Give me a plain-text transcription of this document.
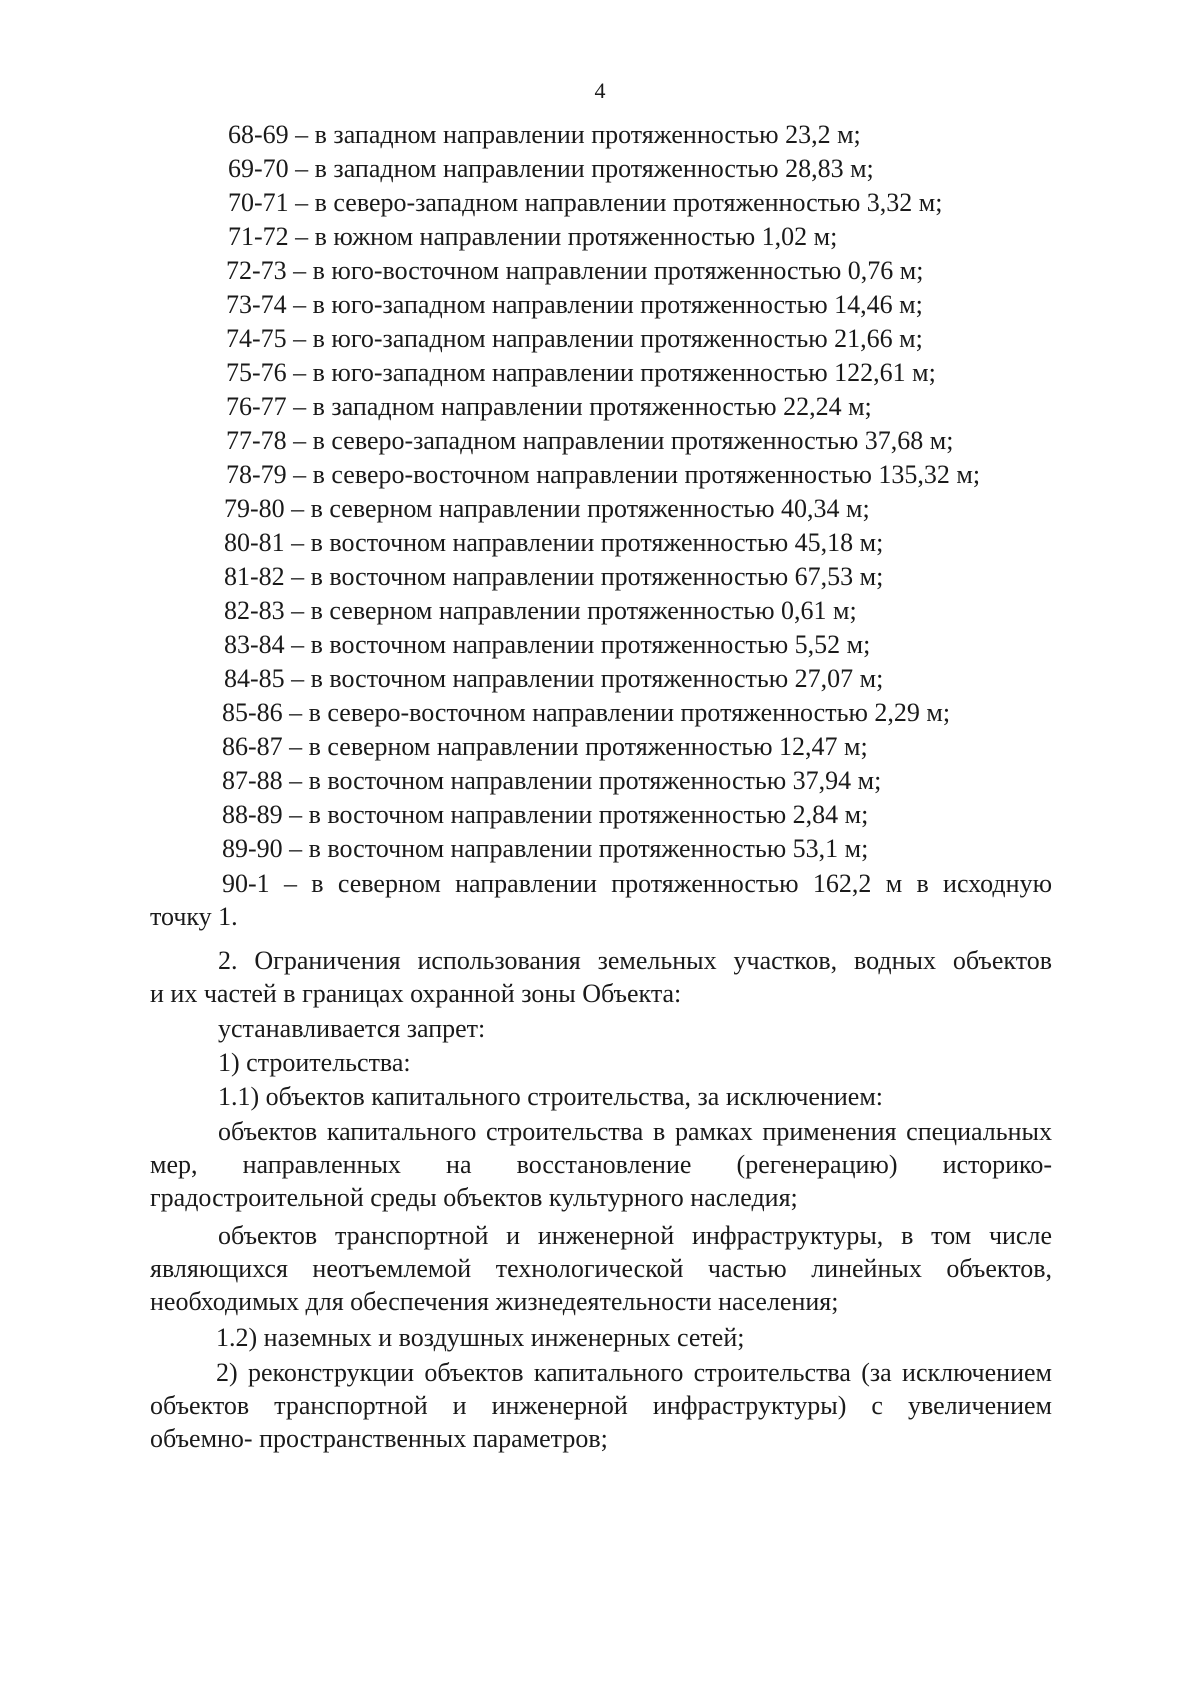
4
68-69 – в западном направлении протяженностью 23,2 м;
69-70 – в западном направлении протяженностью 28,83 м;
70-71 – в северо-западном направлении протяженностью 3,32 м;
71-72 – в южном направлении протяженностью 1,02 м;
72-73 – в юго-восточном направлении протяженностью 0,76 м;
73-74 – в юго-западном направлении протяженностью 14,46 м;
74-75 – в юго-западном направлении протяженностью 21,66 м;
75-76 – в юго-западном направлении протяженностью 122,61 м;
76-77 – в западном направлении протяженностью 22,24 м;
77-78 – в северо-западном направлении протяженностью 37,68 м;
78-79 – в северо-восточном направлении протяженностью 135,32 м;
79-80 – в северном направлении протяженностью 40,34 м;
80-81 – в восточном направлении протяженностью 45,18 м;
81-82 – в восточном направлении протяженностью 67,53 м;
82-83 – в северном направлении протяженностью 0,61 м;
83-84 – в восточном направлении протяженностью 5,52 м;
84-85 – в восточном направлении протяженностью 27,07 м;
85-86 – в северо-восточном направлении протяженностью 2,29 м;
86-87 – в северном направлении протяженностью 12,47 м;
87-88 – в восточном направлении протяженностью 37,94 м;
88-89 – в восточном направлении протяженностью 2,84 м;
89-90 – в восточном направлении протяженностью 53,1 м;
90-1 – в северном направлении протяженностью 162,2 м в исходную
точку 1.
2. Ограничения использования земельных участков, водных объектов
и их частей в границах охранной зоны Объекта:
устанавливается запрет:
1) строительства:
1.1) объектов капитального строительства, за исключением:
объектов капитального строительства в рамках применения специальных
мер, направленных на восстановление (регенерацию) историко-
градостроительной среды объектов культурного наследия;
объектов транспортной и инженерной инфраструктуры, в том числе
являющихся неотъемлемой технологической частью линейных объектов,
необходимых для обеспечения жизнедеятельности населения;
1.2) наземных и воздушных инженерных сетей;
2) реконструкции объектов капитального строительства (за исключением
объектов транспортной и инженерной инфраструктуры) с увеличением
объемно- пространственных параметров;
